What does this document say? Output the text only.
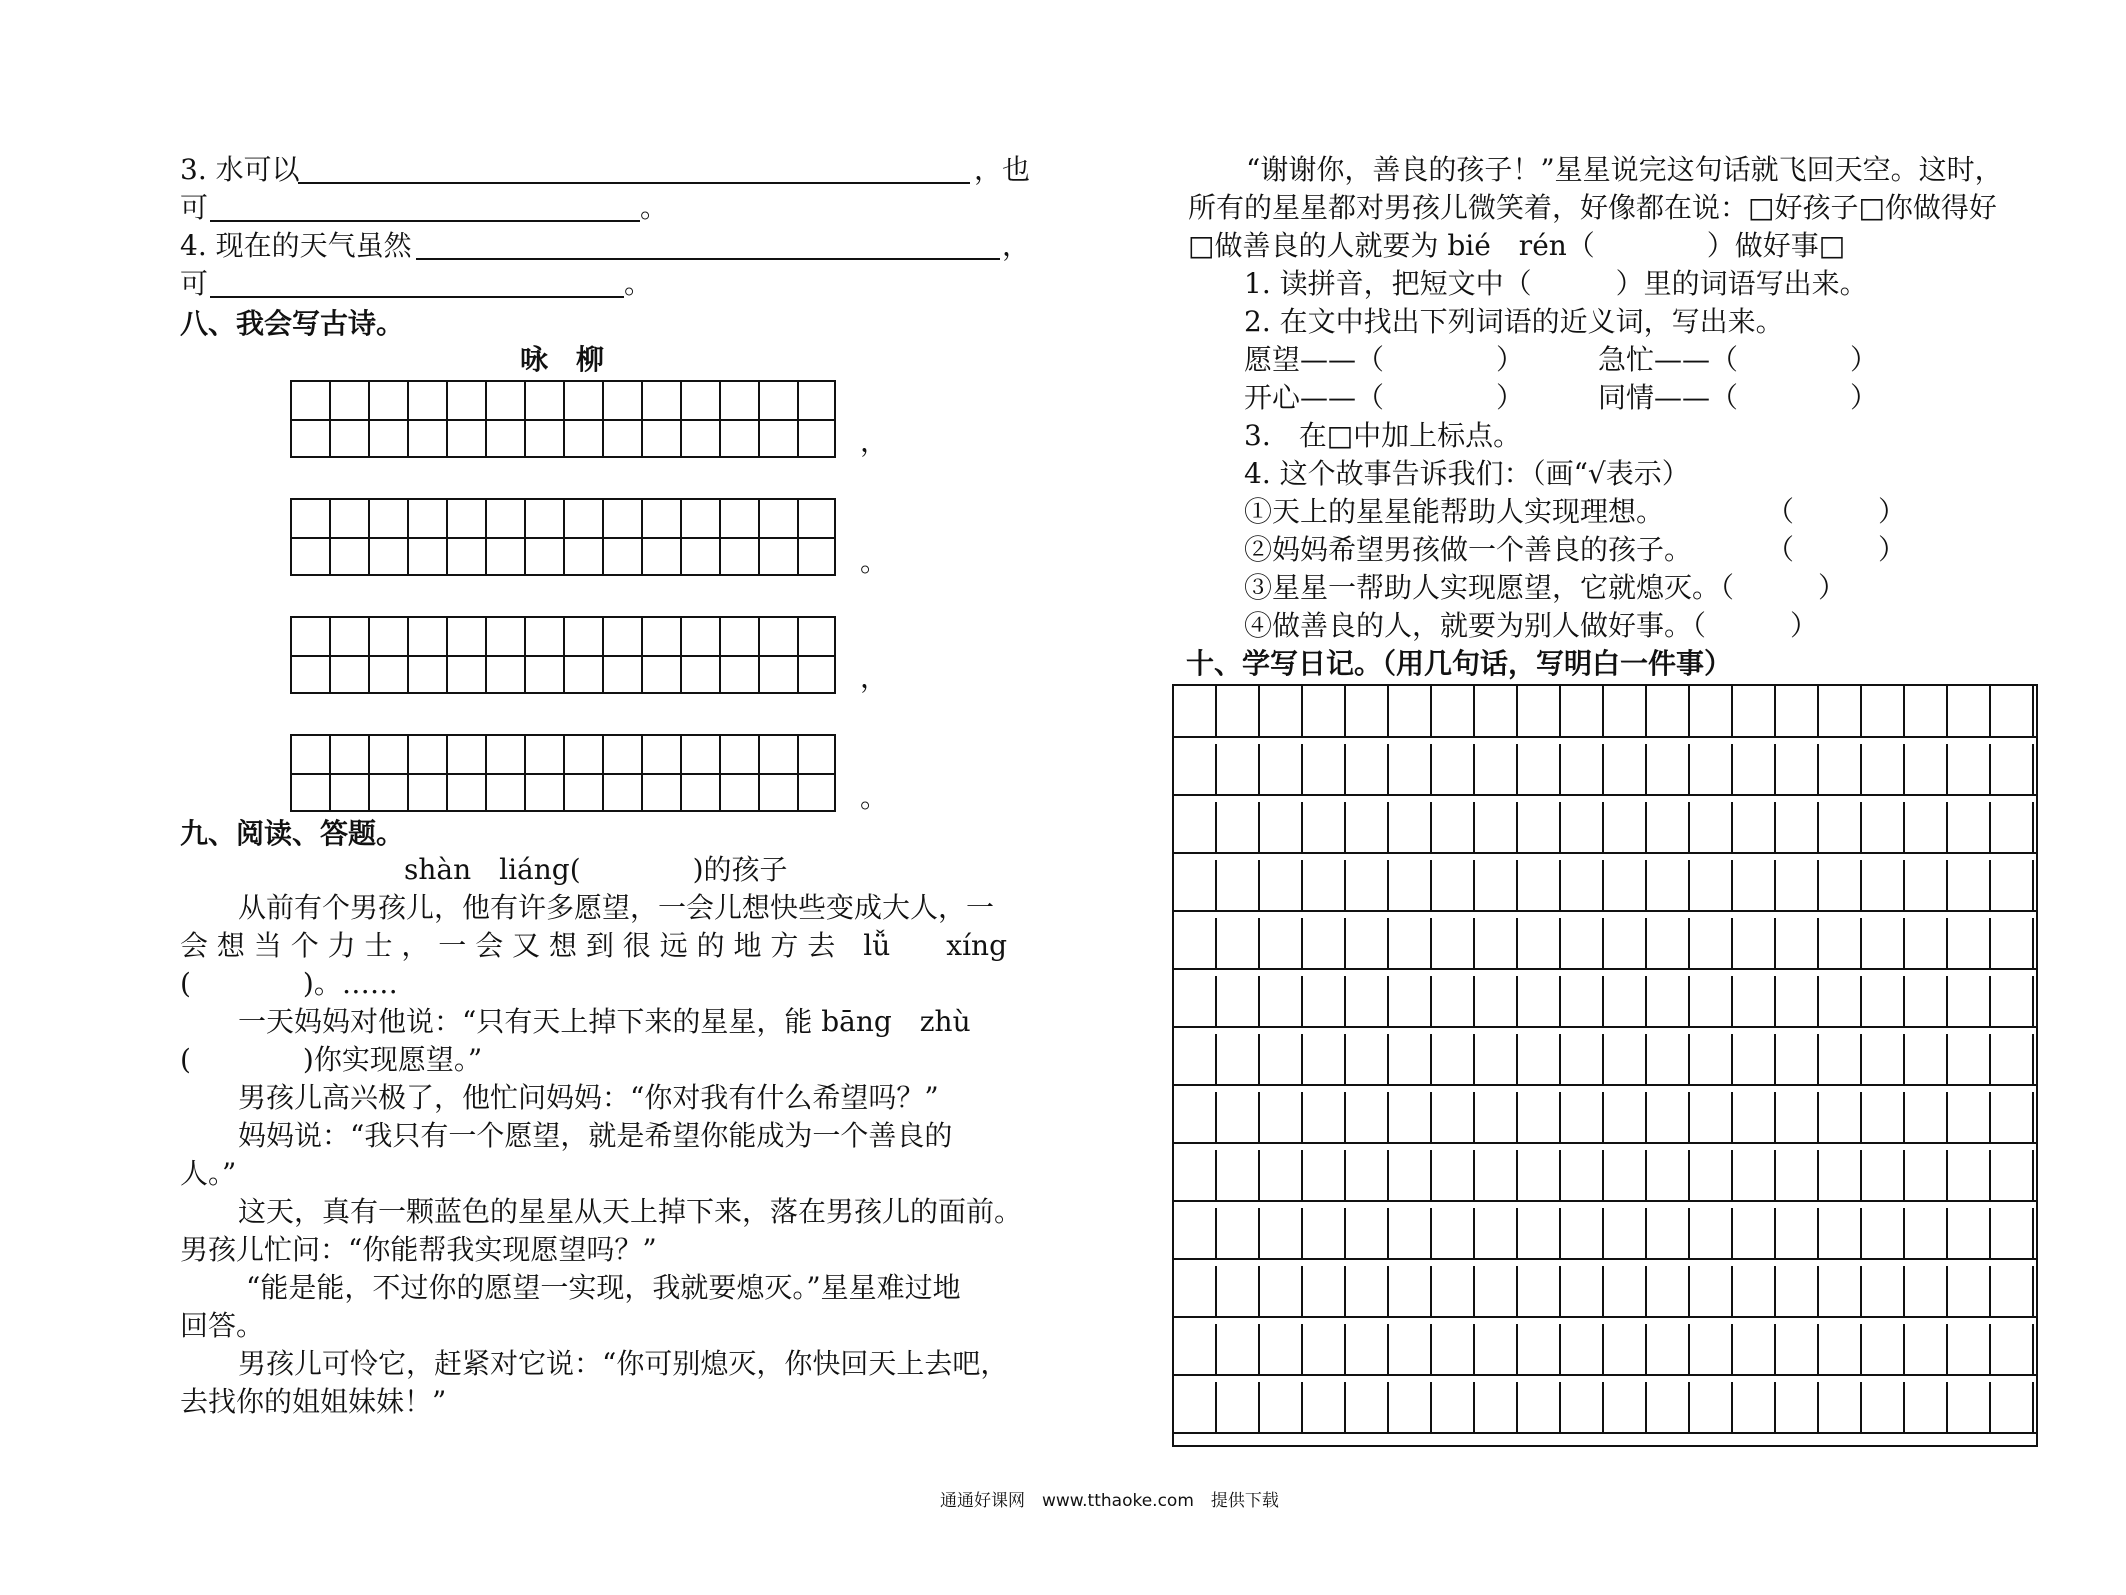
3. 水可以	，也
可	。
4. 现在的天气虽然	，
可	。
八、我会写古诗。
咏　柳
，
。
，
。
九、阅读、答题。
shàn　liáng(　　　　)的孩子
从前有个男孩儿，他有许多愿望，一会儿想快些变成大人，一
会 想 当 个 力 士 ， 一 会 又 想 到 很 远 的 地 方 去　lǚ　　xíng
(　　　　)。……
一天妈妈对他说：“只有天上掉下来的星星，能 bāng　zhù
(　　　　)你实现愿望。”
男孩儿高兴极了，他忙问妈妈：“你对我有什么希望吗？”
妈妈说：“我只有一个愿望，就是希望你能成为一个善良的
人。”
这天，真有一颗蓝色的星星从天上掉下来，落在男孩儿的面前。
男孩儿忙问：“你能帮我实现愿望吗？”
“能是能，不过你的愿望一实现，我就要熄灭。”星星难过地
回答。
男孩儿可怜它，赶紧对它说：“你可别熄灭，你快回天上去吧，
去找你的姐姐妹妹！”
“谢谢你，善良的孩子！”星星说完这句话就飞回天空。这时，
所有的星星都对男孩儿微笑着，好像都在说：□好孩子□你做得好
□做善良的人就要为 bié　rén（　　　　）做好事□
1. 读拼音，把短文中（　　　）里的词语写出来。
2. 在文中找出下列词语的近义词，写出来。
愿望——（　　　　）	急忙——（　　　　）
开心——（　　　　）	同情——（　　　　）
3.　在□中加上标点。
4. 这个故事告诉我们：（画“√表示）
①天上的星星能帮助人实现理想。	（　　　）
②妈妈希望男孩做一个善良的孩子。	（　　　）
③星星一帮助人实现愿望，它就熄灭。（　　　）
④做善良的人，就要为别人做好事。（　　　）
十、学写日记。（用几句话，写明白一件事）
通通好课网　www.tthaoke.com　提供下载
